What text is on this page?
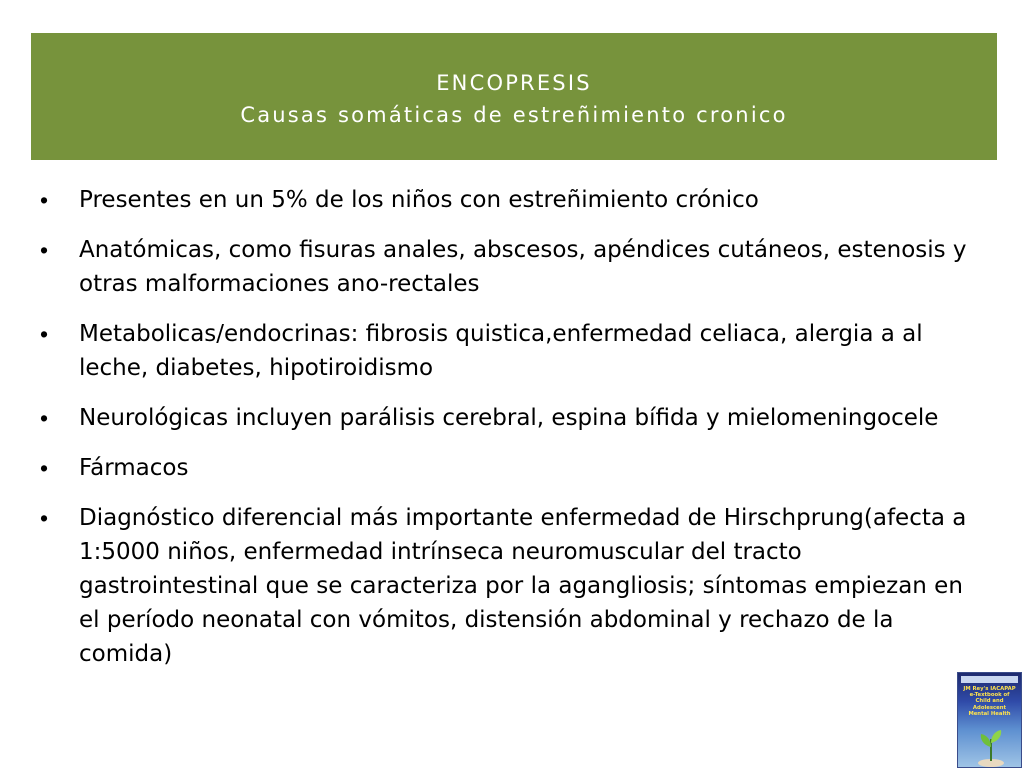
ENCOPRESIS
Causas somáticas de estreñimiento cronico
•	Presentes en un 5% de los niños con estreñimiento crónico
•	Anatómicas, como fisuras anales, abscesos, apéndices cutáneos, estenosis y otras malformaciones ano-rectales
•	Metabolicas/endocrinas: fibrosis quistica,enfermedad celiaca, alergia a al leche, diabetes, hipotiroidismo
•	Neurológicas incluyen parálisis cerebral, espina bífida y mielomeningocele
•	Fármacos
•	Diagnóstico diferencial más importante enfermedad de Hirschprung(afecta a 1:5000 niños, enfermedad intrínseca neuromuscular del tracto gastrointestinal que se caracteriza por la agangliosis; síntomas empiezan en el período neonatal con vómitos, distensión abdominal y rechazo de la comida)
JM Rey's IACAPAP
e-Textbook of
Child and Adolescent
Mental Health
